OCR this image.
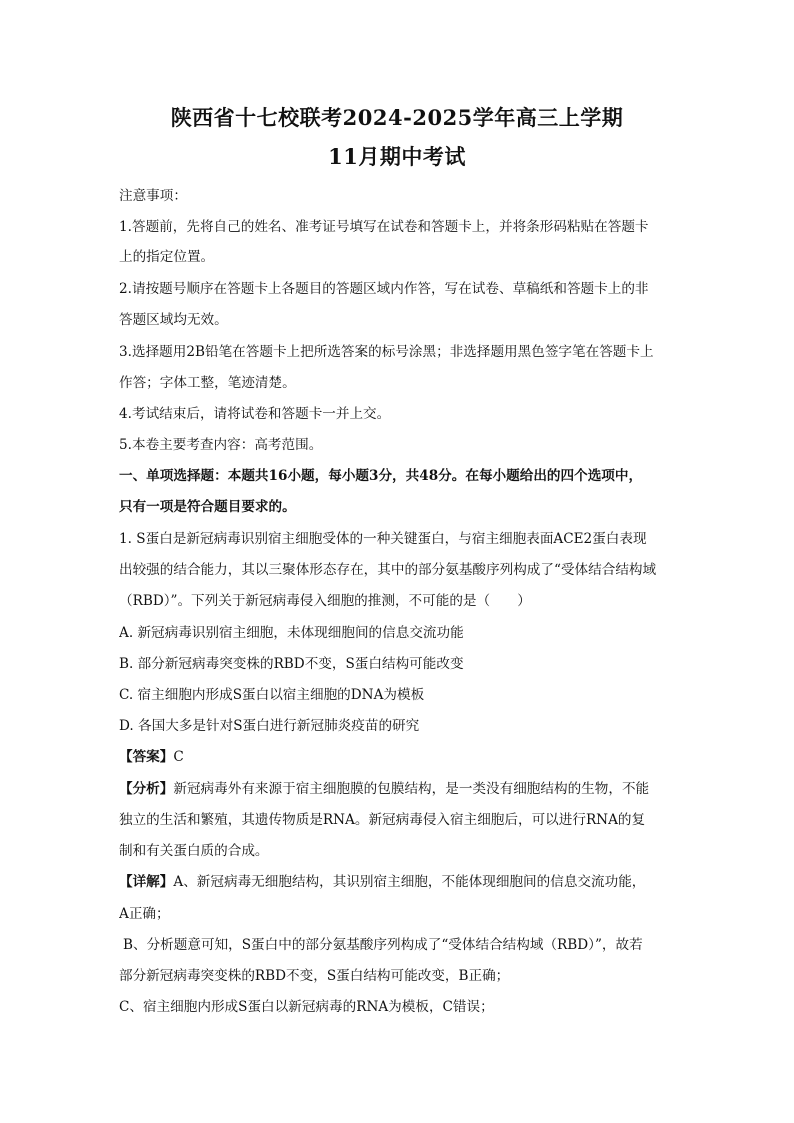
陕西省十七校联考2024-2025学年高三上学期
11月期中考试
注意事项：
1.答题前，先将自己的姓名、准考证号填写在试卷和答题卡上，并将条形码粘贴在答题卡
上的指定位置。
2.请按题号顺序在答题卡上各题目的答题区域内作答，写在试卷、草稿纸和答题卡上的非
答题区域均无效。
3.选择题用2B铅笔在答题卡上把所选答案的标号涂黑；非选择题用黑色签字笔在答题卡上
作答；字体工整，笔迹清楚。
4.考试结束后，请将试卷和答题卡一并上交。
5.本卷主要考查内容：高考范围。
一、单项选择题：本题共16小题，每小题3分，共48分。在每小题给出的四个选项中，
只有一项是符合题目要求的。
1. S蛋白是新冠病毒识别宿主细胞受体的一种关键蛋白，与宿主细胞表面ACE2蛋白表现
出较强的结合能力，其以三聚体形态存在，其中的部分氨基酸序列构成了“受体结合结构域
（RBD）”。下列关于新冠病毒侵入细胞的推测，不可能的是（　　）
A. 新冠病毒识别宿主细胞，未体现细胞间的信息交流功能
B. 部分新冠病毒突变株的RBD不变，S蛋白结构可能改变
C. 宿主细胞内形成S蛋白以宿主细胞的DNA为模板
D. 各国大多是针对S蛋白进行新冠肺炎疫苗的研究
【答案】C
【分析】新冠病毒外有来源于宿主细胞膜的包膜结构，是一类没有细胞结构的生物，不能
独立的生活和繁殖，其遗传物质是RNA。新冠病毒侵入宿主细胞后，可以进行RNA的复
制和有关蛋白质的合成。
【详解】A、新冠病毒无细胞结构，其识别宿主细胞，不能体现细胞间的信息交流功能，
A正确；
B、分析题意可知，S蛋白中的部分氨基酸序列构成了“受体结合结构域（RBD）”，故若
部分新冠病毒突变株的RBD不变，S蛋白结构可能改变，B正确；
C、宿主细胞内形成S蛋白以新冠病毒的RNA为模板，C错误；
